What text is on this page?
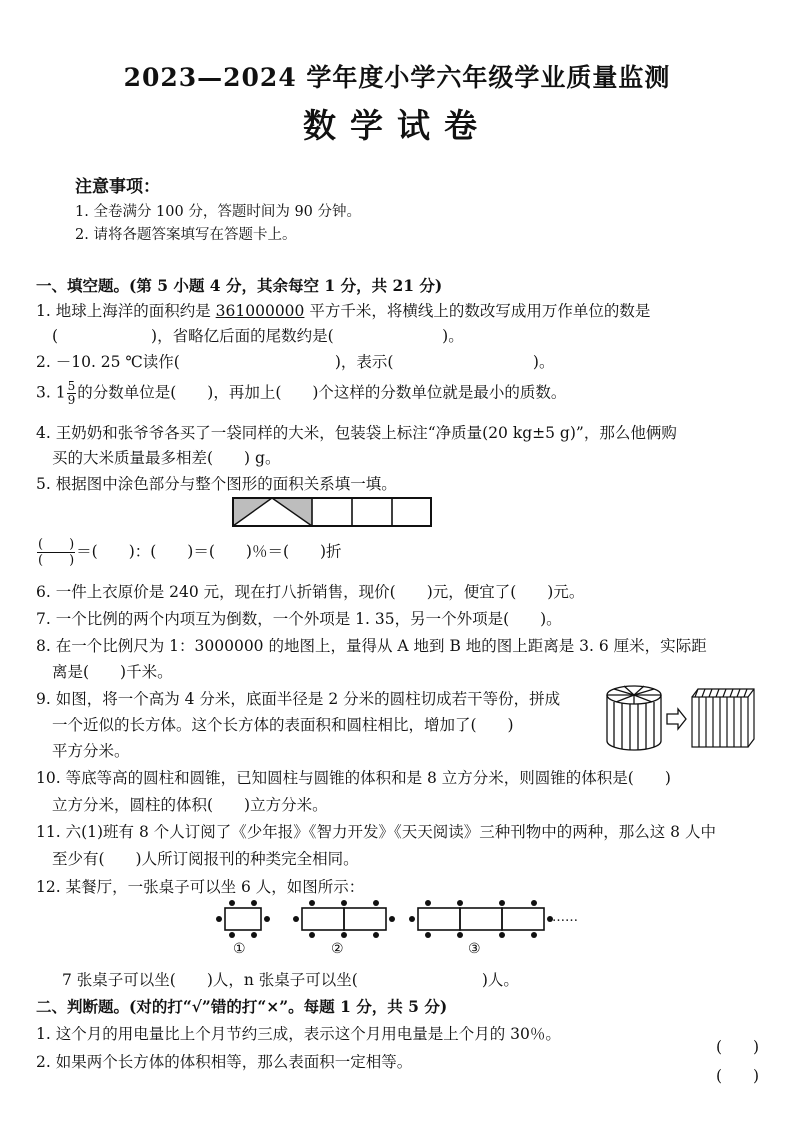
2023—2024 学年度小学六年级学业质量监测
数学试卷
注意事项：
1. 全卷满分 100 分，答题时间为 90 分钟。
2. 请将各题答案填写在答题卡上。
一、填空题。(第 5 小题 4 分，其余每空 1 分，共 21 分)
1. 地球上海洋的面积约是 361000000 平方千米，将横线上的数改写成用万作单位的数是
(　　　　　　)，省略亿后面的尾数约是(　　　　　　　)。
2. －10. 25 ℃读作(　　　　　　　　　　)，表示(　　　　　　　　　)。
3. $1 \frac{5}{9}$ 的分数单位是(　　)，再加上(　　)个这样的分数单位就是最小的质数。
4. 王奶奶和张爷爷各买了一袋同样的大米，包装袋上标注“净质量(20 kg±5 g)”，那么他俩购
买的大米质量最多相差(　　) g。
5. 根据图中涂色部分与整个图形的面积关系填一填。
$\frac{( )}{( )}$ ＝(　　)：(　　)＝(　　)％＝(　　)折
6. 一件上衣原价是 240 元，现在打八折销售，现价(　　)元，便宜了(　　)元。
7. 一个比例的两个内项互为倒数，一个外项是 1. 35，另一个外项是(　　)。
8. 在一个比例尺为 1：3000000 的地图上，量得从 A 地到 B 地的图上距离是 3. 6 厘米，实际距
离是(　　)千米。
9. 如图，将一个高为 4 分米，底面半径是 2 分米的圆柱切成若干等份，拼成
一个近似的长方体。这个长方体的表面积和圆柱相比，增加了(　　)
平方分米。
10. 等底等高的圆柱和圆锥，已知圆柱与圆锥的体积和是 8 立方分米，则圆锥的体积是(　　)
立方分米，圆柱的体积(　　)立方分米。
11. 六(1)班有 8 个人订阅了《少年报》《智力开发》《天天阅读》三种刊物中的两种，那么这 8 人中
至少有(　　)人所订阅报刊的种类完全相同。
12. 某餐厅，一张桌子可以坐 6 人，如图所示：
①	②	③
……
7 张桌子可以坐(　　)人，n 张桌子可以坐(　　　　　　　　)人。
二、判断题。(对的打“√”错的打“×”。每题 1 分，共 5 分)
1. 这个月的用电量比上个月节约三成，表示这个月用电量是上个月的 30％。
(　　)
2. 如果两个长方体的体积相等，那么表面积一定相等。
(　　)
